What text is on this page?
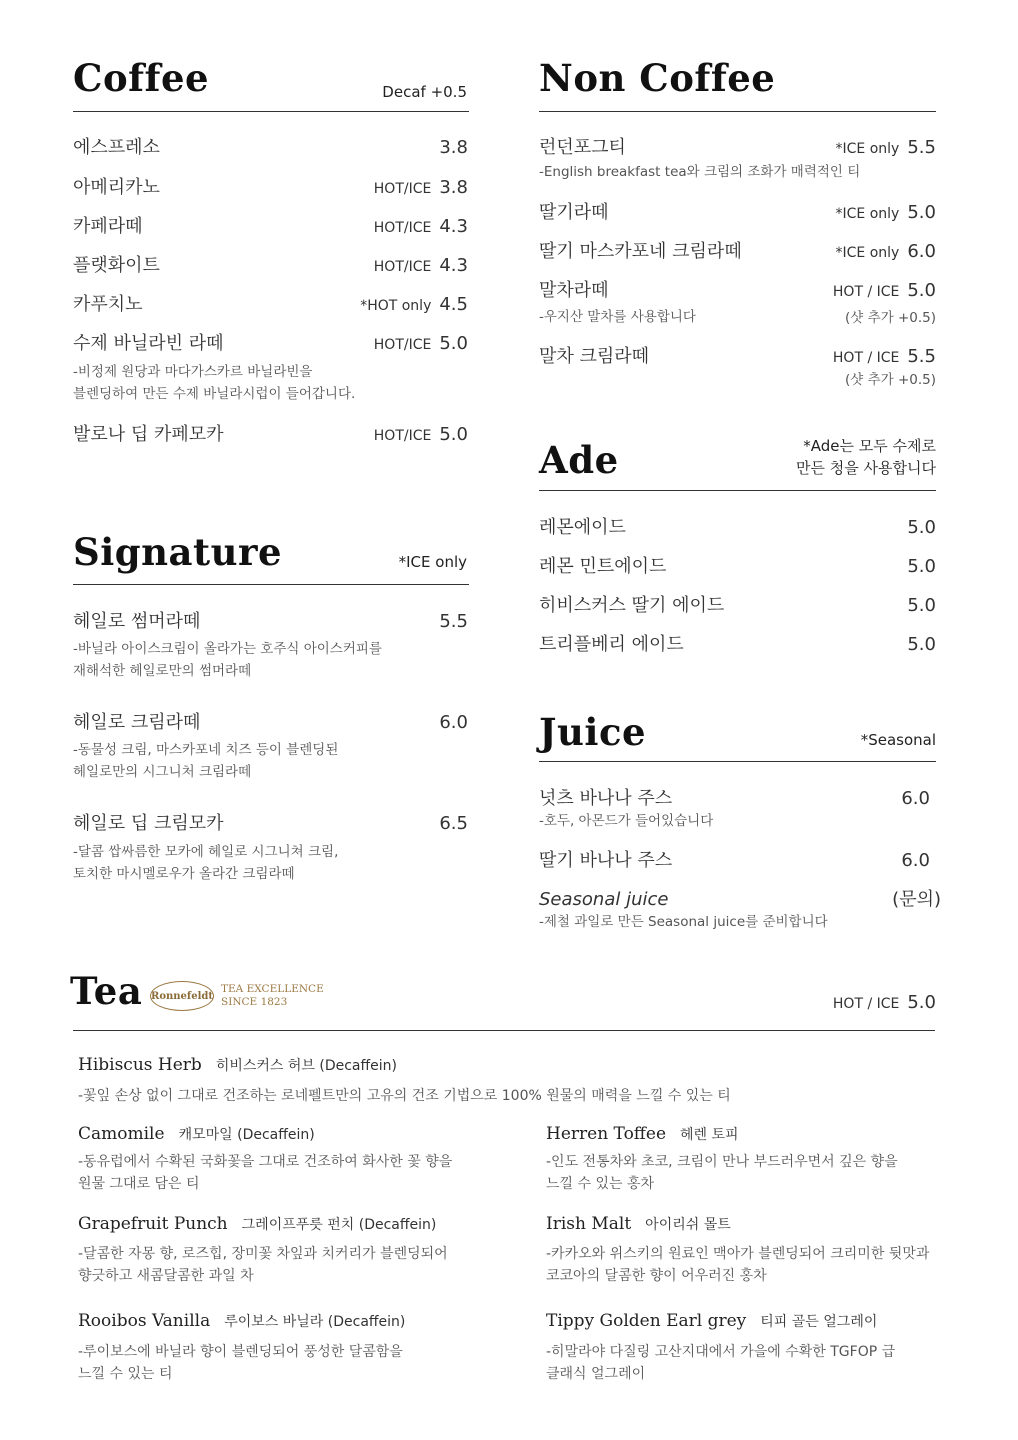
Coffee	Decaf +0.5
에스프레소	3.8
아메리카노	HOT/ICE 3.8
카페라떼	HOT/ICE 4.3
플랫화이트	HOT/ICE 4.3
카푸치노	*HOT only 4.5
수제 바닐라빈 라떼	HOT/ICE 5.0
-비정제 원당과 마다가스카르 바닐라빈을
블렌딩하여 만든 수제 바닐라시럽이 들어갑니다.
발로나 딥 카페모카	HOT/ICE 5.0
Signature	*ICE only
헤일로 썸머라떼	5.5
-바닐라 아이스크림이 올라가는 호주식 아이스커피를
재해석한 헤일로만의 썸머라떼
헤일로 크림라떼	6.0
-동물성 크림, 마스카포네 치즈 등이 블렌딩된
헤일로만의 시그니처 크림라떼
헤일로 딥 크림모카	6.5
-달콤 쌉싸름한 모카에 헤일로 시그니쳐 크림,
토치한 마시멜로우가 올라간 크림라떼
Non Coffee
런던포그티	*ICE only 5.5
-English breakfast tea와 크림의 조화가 매력적인 티
딸기라떼	*ICE only 5.0
딸기 마스카포네 크림라떼	*ICE only 6.0
말차라떼	HOT / ICE 5.0
-우지산 말차를 사용합니다	(샷 추가 +0.5)
말차 크림라떼	HOT / ICE 5.5
(샷 추가 +0.5)
Ade	*Ade는 모두 수제로
만든 청을 사용합니다
레몬에이드	5.0
레몬 민트에이드	5.0
히비스커스 딸기 에이드	5.0
트리플베리 에이드	5.0
Juice	*Seasonal
넛츠 바나나 주스	6.0
-호두, 아몬드가 들어있습니다
딸기 바나나 주스	6.0
Seasonal juice	(문의)
-제철 과일로 만든 Seasonal juice를 준비합니다
Tea Ronnefeldt
TEA EXCELLENCE
SINCE 1823	HOT / ICE 5.0
Hibiscus Herb 히비스커스 허브 (Decaffein)
-꽃잎 손상 없이 그대로 건조하는 로네펠트만의 고유의 건조 기법으로 100% 원물의 매력을 느낄 수 있는 티
Camomile 캐모마일 (Decaffein)
-동유럽에서 수확된 국화꽃을 그대로 건조하여 화사한 꽃 향을
원물 그대로 담은 티
Grapefruit Punch 그레이프푸릇 펀치 (Decaffein)
-달콤한 자몽 향, 로즈힙, 장미꽃 차잎과 치커리가 블렌딩되어
향긋하고 새콤달콤한 과일 차
Rooibos Vanilla 루이보스 바닐라 (Decaffein)
-루이보스에 바닐라 향이 블렌딩되어 풍성한 달콤함을
느낄 수 있는 티
Herren Toffee 헤렌 토피
-인도 전통차와 초코, 크림이 만나 부드러우면서 깊은 향을
느낄 수 있는 홍차
Irish Malt 아이리쉬 몰트
-카카오와 위스키의 원료인 맥아가 블렌딩되어 크리미한 뒷맛과
코코아의 달콤한 향이 어우러진 홍차
Tippy Golden Earl grey 티피 골든 얼그레이
-히말라야 다질링 고산지대에서 가을에 수확한 TGFOP 급
클래식 얼그레이
